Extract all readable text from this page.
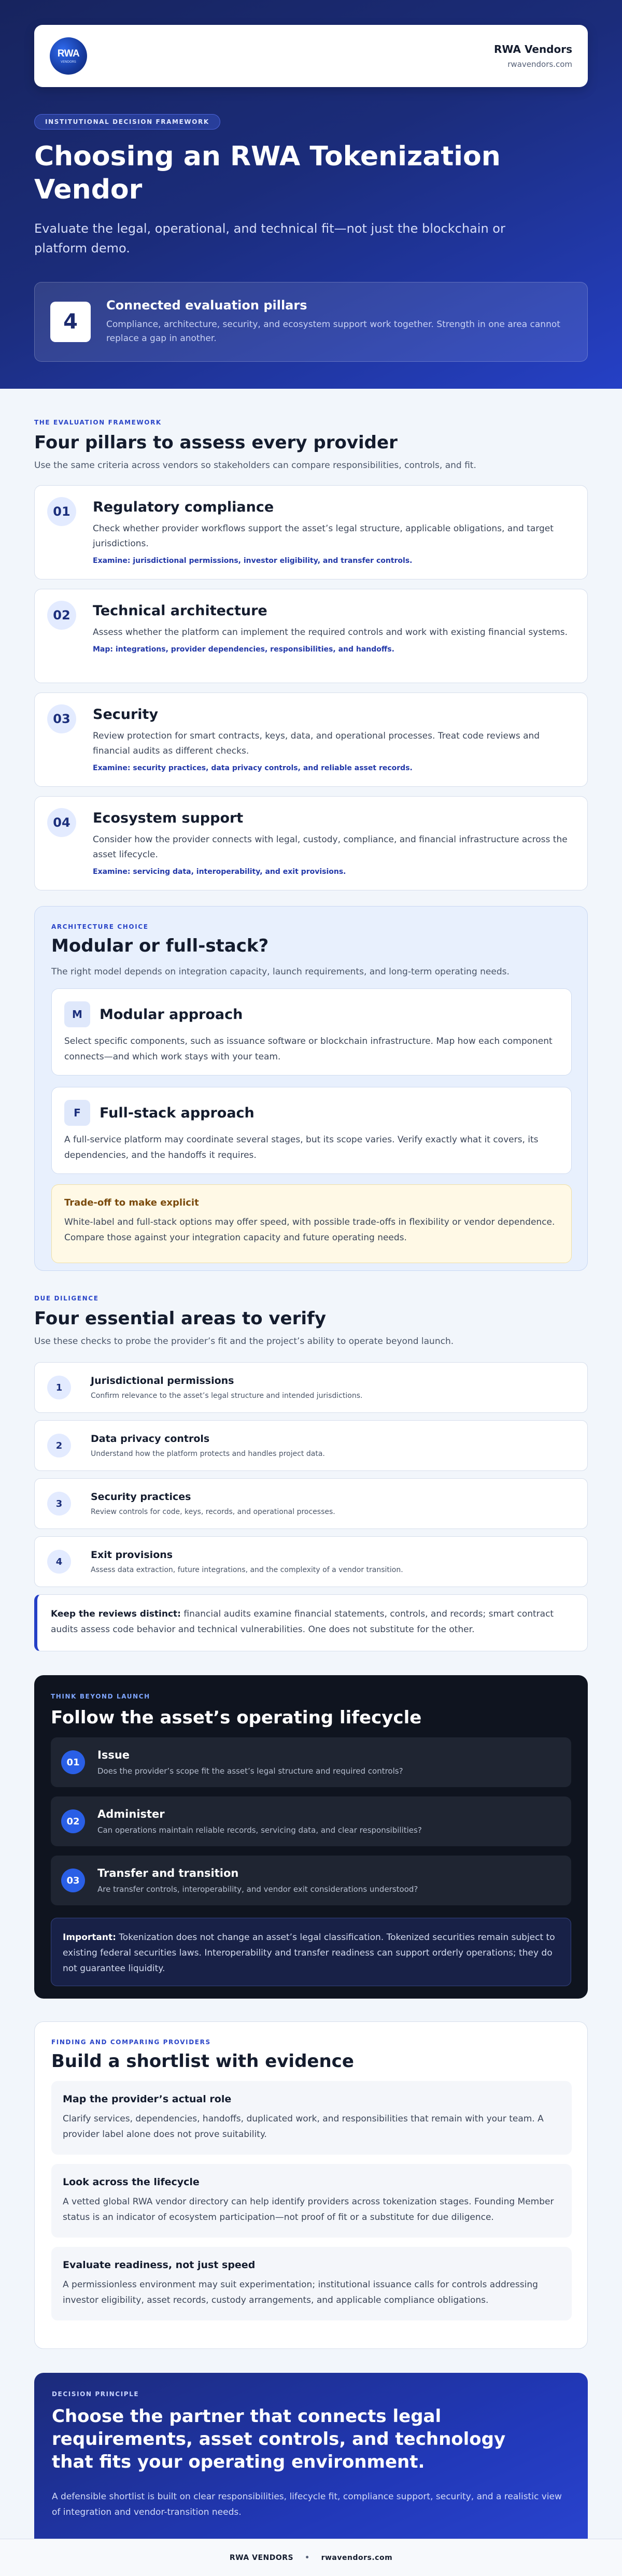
RWA
VENDORS
RWA Vendors
rwavendors.com
INSTITUTIONAL DECISION FRAMEWORK
Choosing an RWA Tokenization Vendor

Evaluate the legal, operational, and technical fit—not just the blockchain or platform demo.

4
Connected evaluation pillars
Compliance, architecture, security, and ecosystem support work together. Strength in one area cannot replace a gap in another.
THE EVALUATION FRAMEWORK
Four pillars to assess every provider

Use the same criteria across vendors so stakeholders can compare responsibilities, controls, and fit.

01	Regulatory compliance
Check whether provider workflows support the asset’s legal structure, applicable obligations, and target jurisdictions.
Examine: jurisdictional permissions, investor eligibility, and transfer controls.
02	Technical architecture
Assess whether the platform can implement the required controls and work with existing financial systems.
Map: integrations, provider dependencies, responsibilities, and handoffs.
03	Security
Review protection for smart contracts, keys, data, and operational processes. Treat code reviews and financial audits as different checks.
Examine: security practices, data privacy controls, and reliable asset records.
04	Ecosystem support
Consider how the provider connects with legal, custody, compliance, and financial infrastructure across the asset lifecycle.
Examine: servicing data, interoperability, and exit provisions.
ARCHITECTURE CHOICE
Modular or full-stack?

The right model depends on integration capacity, launch requirements, and long-term operating needs.

M	Modular approach
Select specific components, such as issuance software or blockchain infrastructure. Map how each component connects—and which work stays with your team.
F	Full-stack approach
A full-service platform may coordinate several stages, but its scope varies. Verify exactly what it covers, its dependencies, and the handoffs it requires.
Trade-off to make explicit
White-label and full-stack options may offer speed, with possible trade-offs in flexibility or vendor dependence. Compare those against your integration capacity and future operating needs.
DUE DILIGENCE
Four essential areas to verify

Use these checks to probe the provider’s fit and the project’s ability to operate beyond launch.

1
Jurisdictional permissions
Confirm relevance to the asset’s legal structure and intended jurisdictions.
2
Data privacy controls
Understand how the platform protects and handles project data.
3
Security practices
Review controls for code, keys, records, and operational processes.
4
Exit provisions
Assess data extraction, future integrations, and the complexity of a vendor transition.
Keep the reviews distinct: financial audits examine financial statements, controls, and records; smart contract audits assess code behavior and technical vulnerabilities. One does not substitute for the other.
THINK BEYOND LAUNCH
Follow the asset’s operating lifecycle
01
Issue
Does the provider’s scope fit the asset’s legal structure and required controls?
02
Administer
Can operations maintain reliable records, servicing data, and clear responsibilities?
03
Transfer and transition
Are transfer controls, interoperability, and vendor exit considerations understood?
Important: Tokenization does not change an asset’s legal classification. Tokenized securities remain subject to existing federal securities laws. Interoperability and transfer readiness can support orderly operations; they do not guarantee liquidity.
FINDING AND COMPARING PROVIDERS
Build a shortlist with evidence
Map the provider’s actual role
Clarify services, dependencies, handoffs, duplicated work, and responsibilities that remain with your team. A provider label alone does not prove suitability.
Look across the lifecycle
A vetted global RWA vendor directory can help identify providers across tokenization stages. Founding Member status is an indicator of ecosystem participation—not proof of fit or a substitute for due diligence.
Evaluate readiness, not just speed
A permissionless environment may suit experimentation; institutional issuance calls for controls addressing investor eligibility, asset records, custody arrangements, and applicable compliance obligations.
DECISION PRINCIPLE
Choose the partner that connects legal requirements, asset controls, and technology that fits your operating environment.

A defensible shortlist is built on clear responsibilities, lifecycle fit, compliance support, security, and a realistic view of integration and vendor-transition needs.

RWA VENDORS • rwavendors.com
